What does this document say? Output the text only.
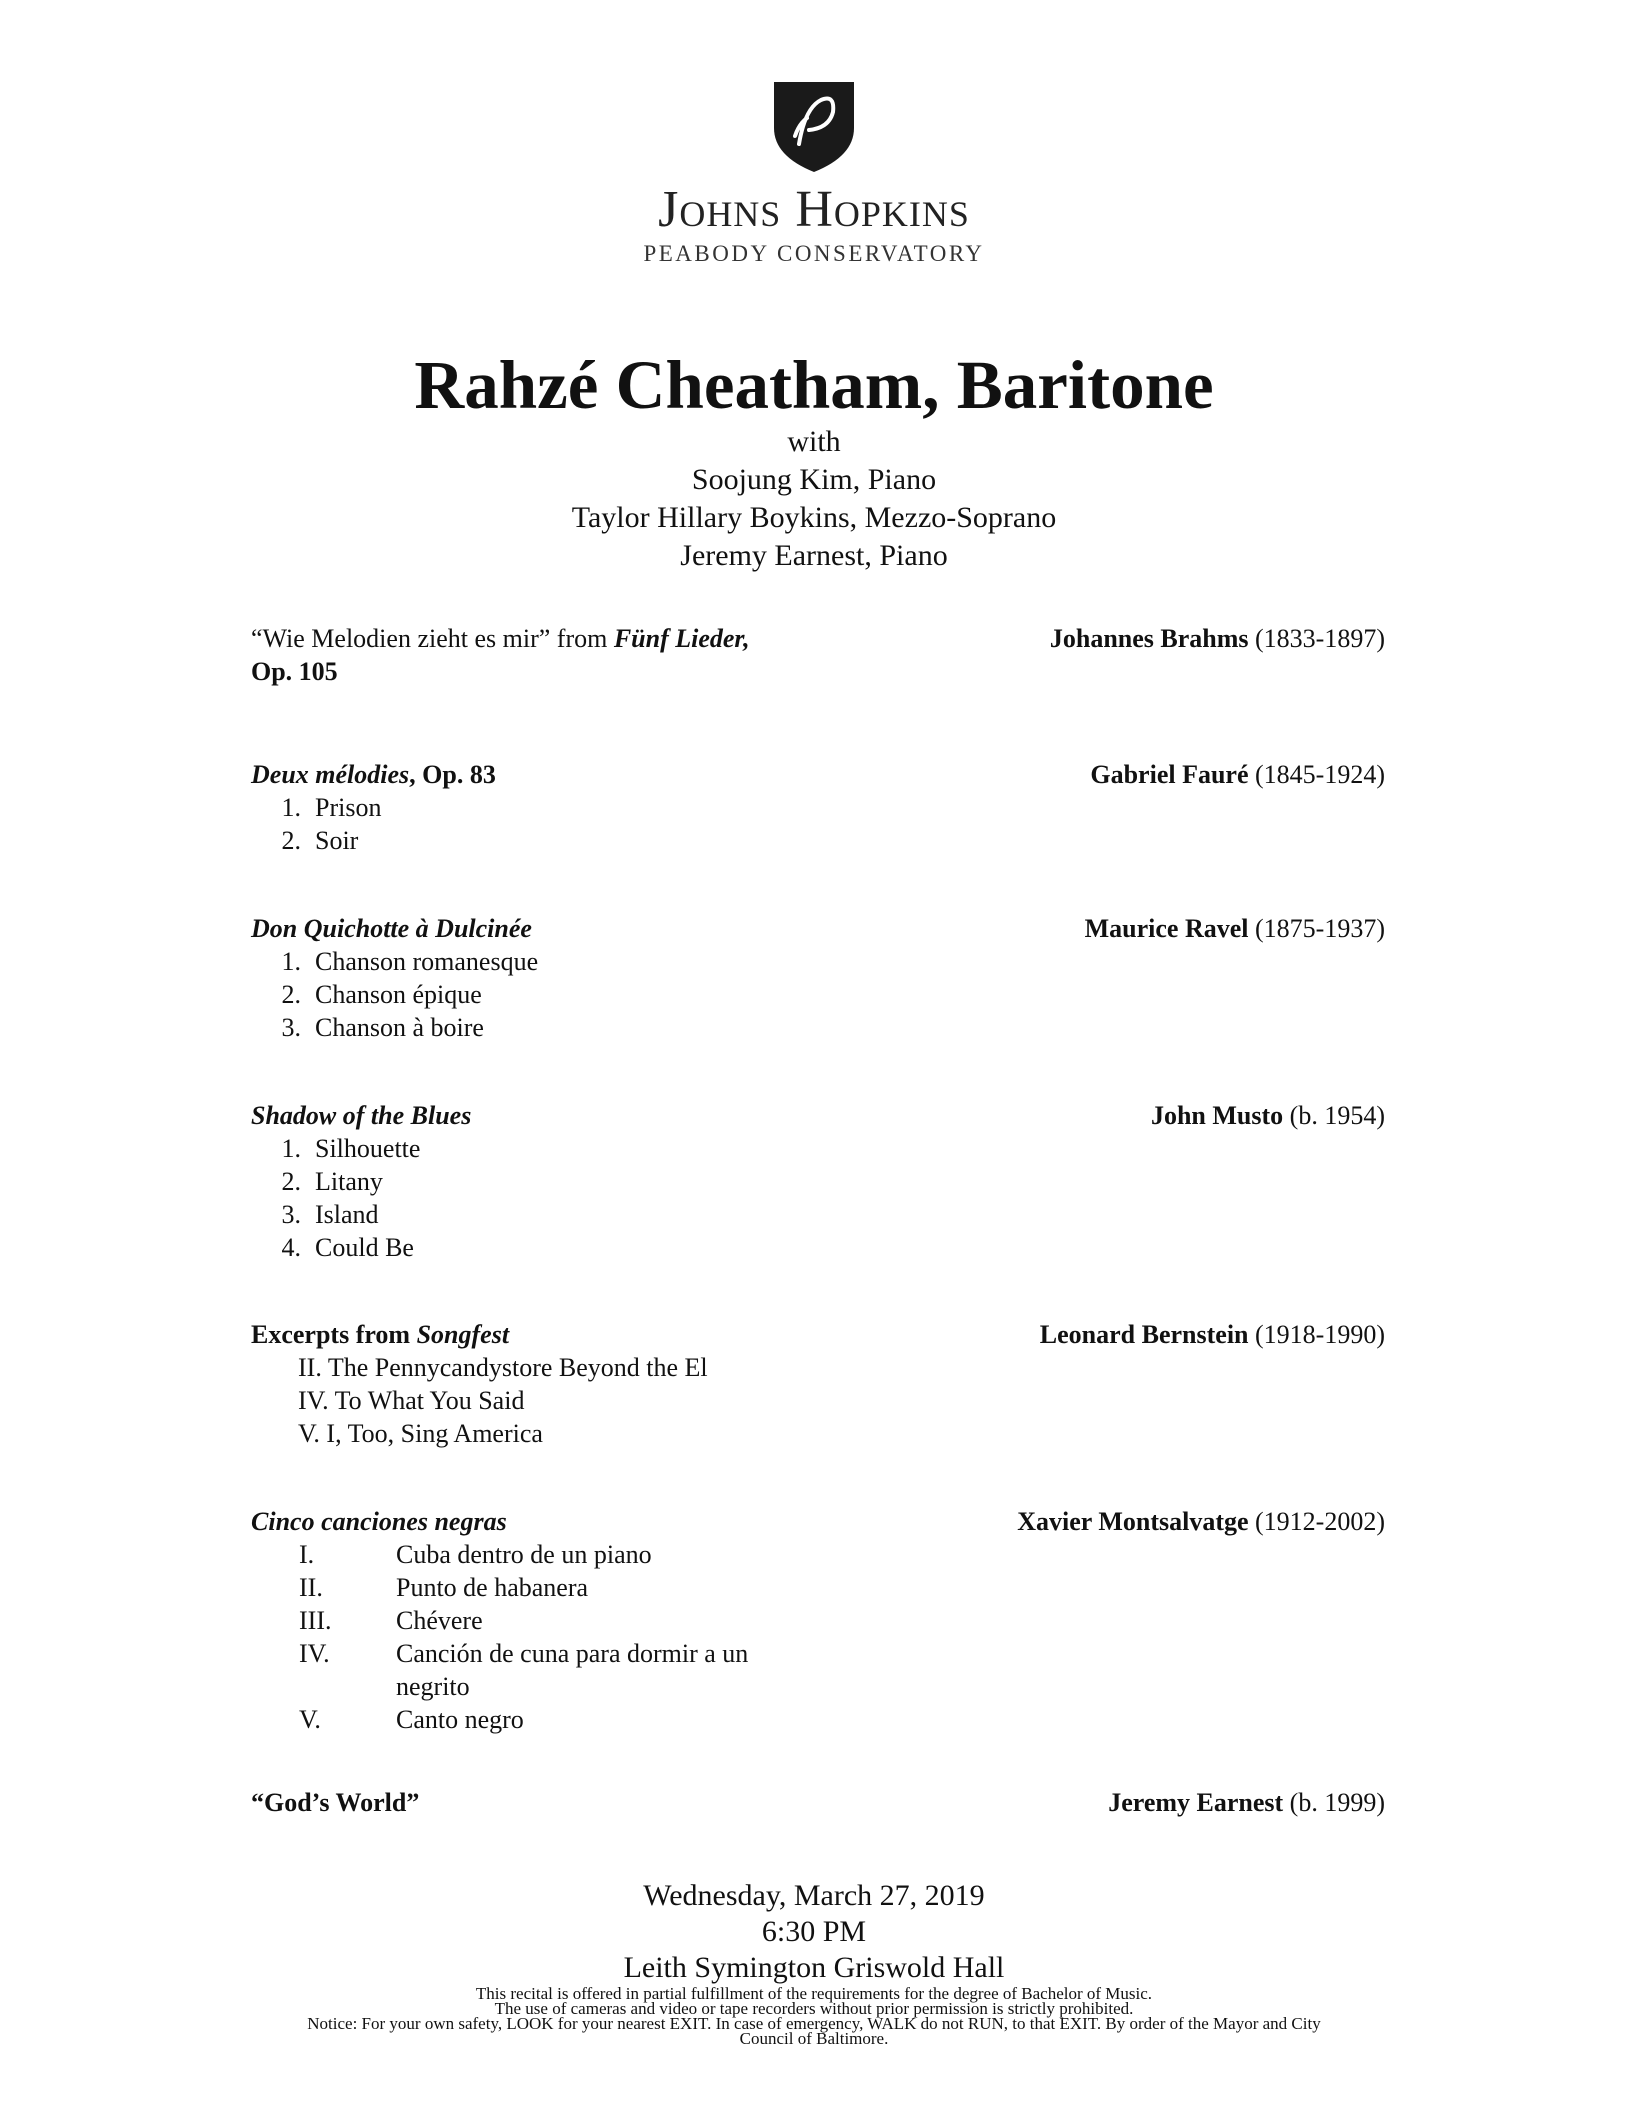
Johns Hopkins
PEABODY CONSERVATORY
Rahzé Cheatham, Baritone
with
Soojung Kim, Piano
Taylor Hillary Boykins, Mezzo-Soprano
Jeremy Earnest, Piano
“Wie Melodien zieht es mir” from Fünf Lieder,
Op. 105
Johannes Brahms (1833-1897)
Deux mélodies, Op. 83	Gabriel Fauré (1845-1924)
1. Prison
2. Soir
Don Quichotte à Dulcinée	Maurice Ravel (1875-1937)
1. Chanson romanesque
2. Chanson épique
3. Chanson à boire
Shadow of the Blues	John Musto (b. 1954)
1. Silhouette
2. Litany
3. Island
4. Could Be
Excerpts from Songfest	Leonard Bernstein (1918-1990)
II. The Pennycandystore Beyond the El
IV. To What You Said
V. I, Too, Sing America
Cinco canciones negras	Xavier Montsalvatge (1912-2002)
I.	Cuba dentro de un piano
II.	Punto de habanera
III.	Chévere
IV.	Canción de cuna para dormir a un negrito
V.	Canto negro
“God’s World”	Jeremy Earnest (b. 1999)
Wednesday, March 27, 2019
6:30 PM
Leith Symington Griswold Hall
This recital is offered in partial fulfillment of the requirements for the degree of Bachelor of Music.
The use of cameras and video or tape recorders without prior permission is strictly prohibited.
Notice: For your own safety, LOOK for your nearest EXIT. In case of emergency, WALK do not RUN, to that EXIT. By order of the Mayor and City
Council of Baltimore.
